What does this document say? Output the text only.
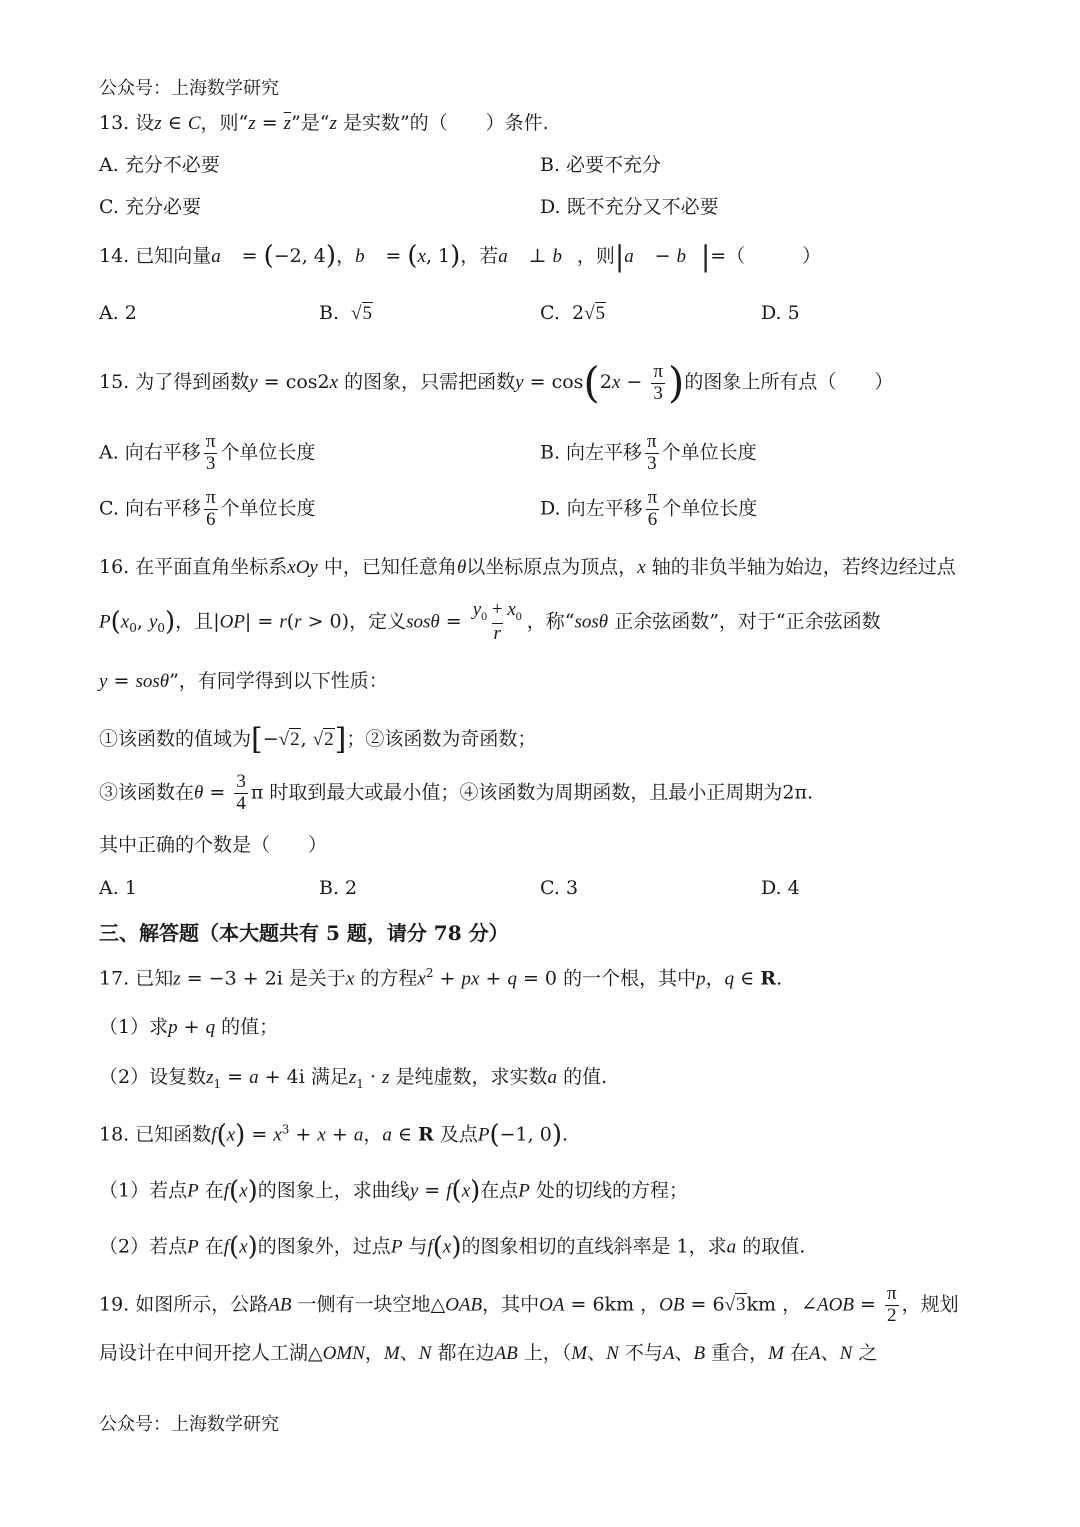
公众号：上海数学研究
13. 设z ∈ C，则“$z = \overline{z}$”是“z 是实数”的（　　）条件.
A. 充分不必要	B. 必要不充分
C. 充分必要	D. 既不充分又不必要
14. 已知向量a⃗ = (−2, 4)，b⃗ = (x, 1)，若a⃗ ⊥ b⃗，则|a⃗ − b⃗|=（　　　）
A. 2	B. √5	C. 2√5	D. 5
15. 为了得到函数y = cos2x 的图象，只需把函数$y = \cos(2x - \frac{\pi}{3}$ )的图象上所有点（　　）
A. 向右平移 $\frac{\pi}{3}$ 个单位长度	B. 向左平移 $\frac{\pi}{3}$ 个单位长度
C. 向右平移 $\frac{\pi}{6}$ 个单位长度	D. 向左平移 $\frac{\pi}{6}$ 个单位长度
16. 在平面直角坐标系xOy 中，已知任意角θ以坐标原点为顶点，x 轴的非负半轴为始边，若终边经过点
$P(x_0$, $y_0$)，且|OP| = r(r > 0)，定义$sos\theta = \frac{y_0 + x_0}{r}$ ，称“sosθ 正余弦函数”，对于“正余弦函数
y = sosθ”，有同学得到以下性质：
①该函数的值域为[−√2, √2]；②该函数为奇函数；
③该函数在$\theta = \frac{3}{4}$ π 时取到最大或最小值；④该函数为周期函数，且最小正周期为2π.
其中正确的个数是（　　）
A. 1	B. 2	C. 3	D. 4
三、解答题（本大题共有 5 题，请分 78 分）
17. 已知z = −3 + 2i 是关于x 的方程$x^2$ + px + q = 0 的一个根，其中p，q ∈ R.
（1）求p + q 的值；
（2）设复数$z_1 = a + 4i$ 满足$z_1 \cdot z$ 是纯虚数，求实数a 的值.
18. 已知函数$f(x) = x^3 + x + a$，a ∈ R 及点P(−1, 0).
（1）若点P 在f(x)的图象上，求曲线y = f(x)在点P 处的切线的方程；
（2）若点P 在f(x)的图象外，过点P 与f(x)的图象相切的直线斜率是 1，求a 的取值.
19. 如图所示，公路AB 一侧有一块空地△OAB，其中OA = 6km ，OB = 6√3km ，∠AOB = $\frac{\pi}{2}$ ，规划
局设计在中间开挖人工湖△OMN，M、N 都在边AB 上，（M、N 不与A、B 重合，M 在A、N 之
公众号：上海数学研究
